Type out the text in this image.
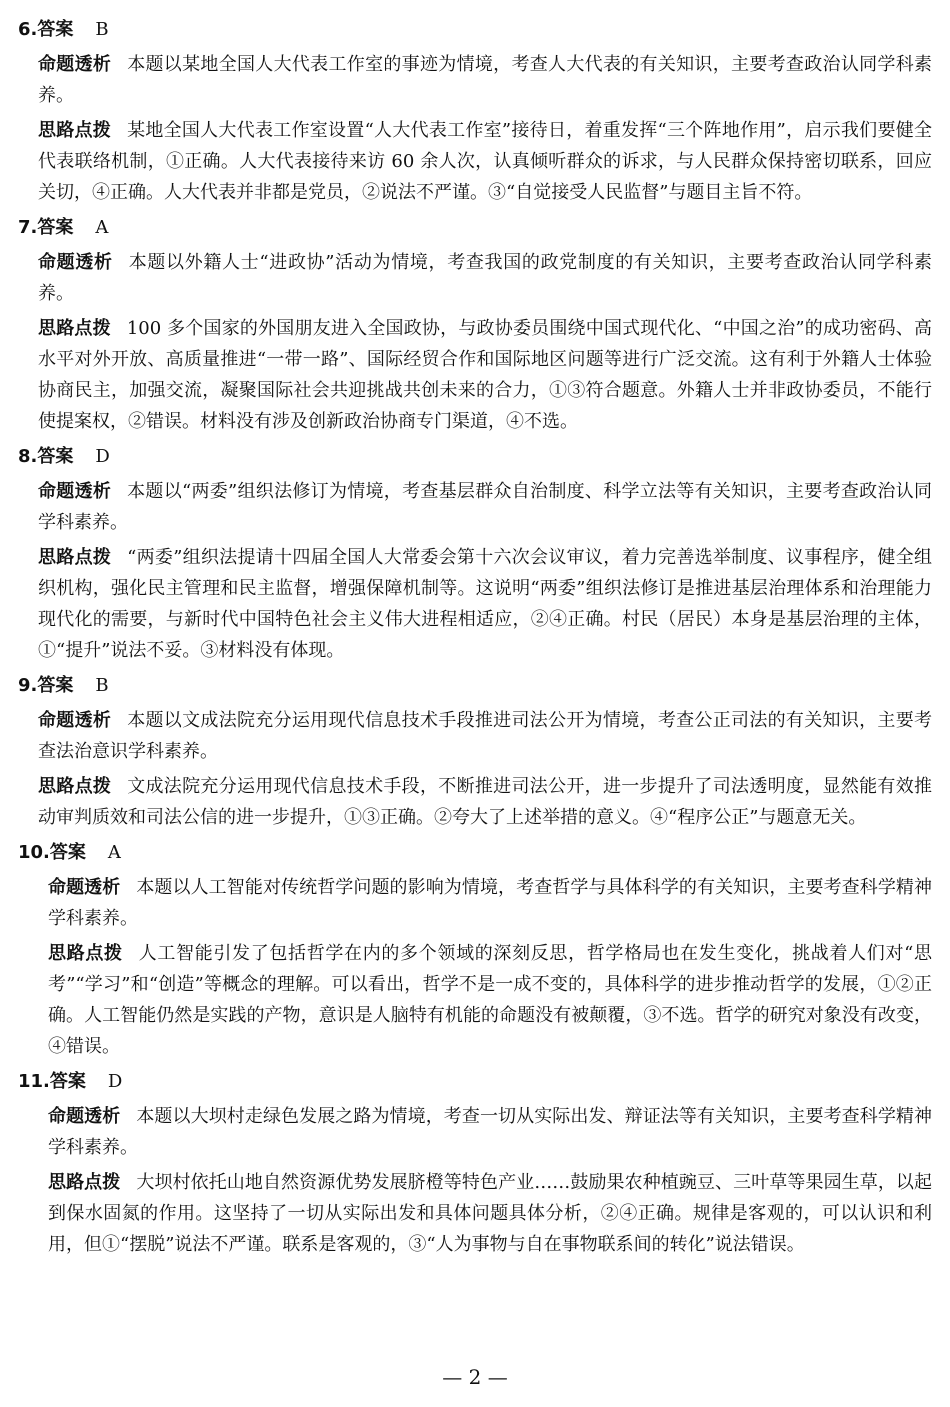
6.答案 B

命题透析 本题以某地全国人大代表工作室的事迹为情境，考查人大代表的有关知识，主要考查政治认同学科素养。

思路点拨 某地全国人大代表工作室设置“人大代表工作室”接待日，着重发挥“三个阵地作用”，启示我们要健全代表联络机制，①正确。人大代表接待来访 60 余人次，认真倾听群众的诉求，与人民群众保持密切联系，回应关切，④正确。人大代表并非都是党员，②说法不严谨。③“自觉接受人民监督”与题目主旨不符。

7.答案 A

命题透析 本题以外籍人士“进政协”活动为情境，考查我国的政党制度的有关知识，主要考查政治认同学科素养。

思路点拨 100 多个国家的外国朋友进入全国政协，与政协委员围绕中国式现代化、“中国之治”的成功密码、高水平对外开放、高质量推进“一带一路”、国际经贸合作和国际地区问题等进行广泛交流。这有利于外籍人士体验协商民主，加强交流，凝聚国际社会共迎挑战共创未来的合力，①③符合题意。外籍人士并非政协委员，不能行使提案权，②错误。材料没有涉及创新政治协商专门渠道，④不选。

8.答案 D

命题透析 本题以“两委”组织法修订为情境，考查基层群众自治制度、科学立法等有关知识，主要考查政治认同学科素养。

思路点拨 “两委”组织法提请十四届全国人大常委会第十六次会议审议，着力完善选举制度、议事程序，健全组织机构，强化民主管理和民主监督，增强保障机制等。这说明“两委”组织法修订是推进基层治理体系和治理能力现代化的需要，与新时代中国特色社会主义伟大进程相适应，②④正确。村民（居民）本身是基层治理的主体，①“提升”说法不妥。③材料没有体现。

9.答案 B

命题透析 本题以文成法院充分运用现代信息技术手段推进司法公开为情境，考查公正司法的有关知识，主要考查法治意识学科素养。

思路点拨 文成法院充分运用现代信息技术手段，不断推进司法公开，进一步提升了司法透明度，显然能有效推动审判质效和司法公信的进一步提升，①③正确。②夸大了上述举措的意义。④“程序公正”与题意无关。

10.答案 A

命题透析 本题以人工智能对传统哲学问题的影响为情境，考查哲学与具体科学的有关知识，主要考查科学精神学科素养。

思路点拨 人工智能引发了包括哲学在内的多个领域的深刻反思，哲学格局也在发生变化，挑战着人们对“思考”“学习”和“创造”等概念的理解。可以看出，哲学不是一成不变的，具体科学的进步推动哲学的发展，①②正确。人工智能仍然是实践的产物，意识是人脑特有机能的命题没有被颠覆，③不选。哲学的研究对象没有改变，④错误。

11.答案 D

命题透析 本题以大坝村走绿色发展之路为情境，考查一切从实际出发、辩证法等有关知识，主要考查科学精神学科素养。

思路点拨 大坝村依托山地自然资源优势发展脐橙等特色产业……鼓励果农种植豌豆、三叶草等果园生草，以起到保水固氮的作用。这坚持了一切从实际出发和具体问题具体分析，②④正确。规律是客观的，可以认识和利用，但①“摆脱”说法不严谨。联系是客观的，③“人为事物与自在事物联系间的转化”说法错误。

— 2 —
